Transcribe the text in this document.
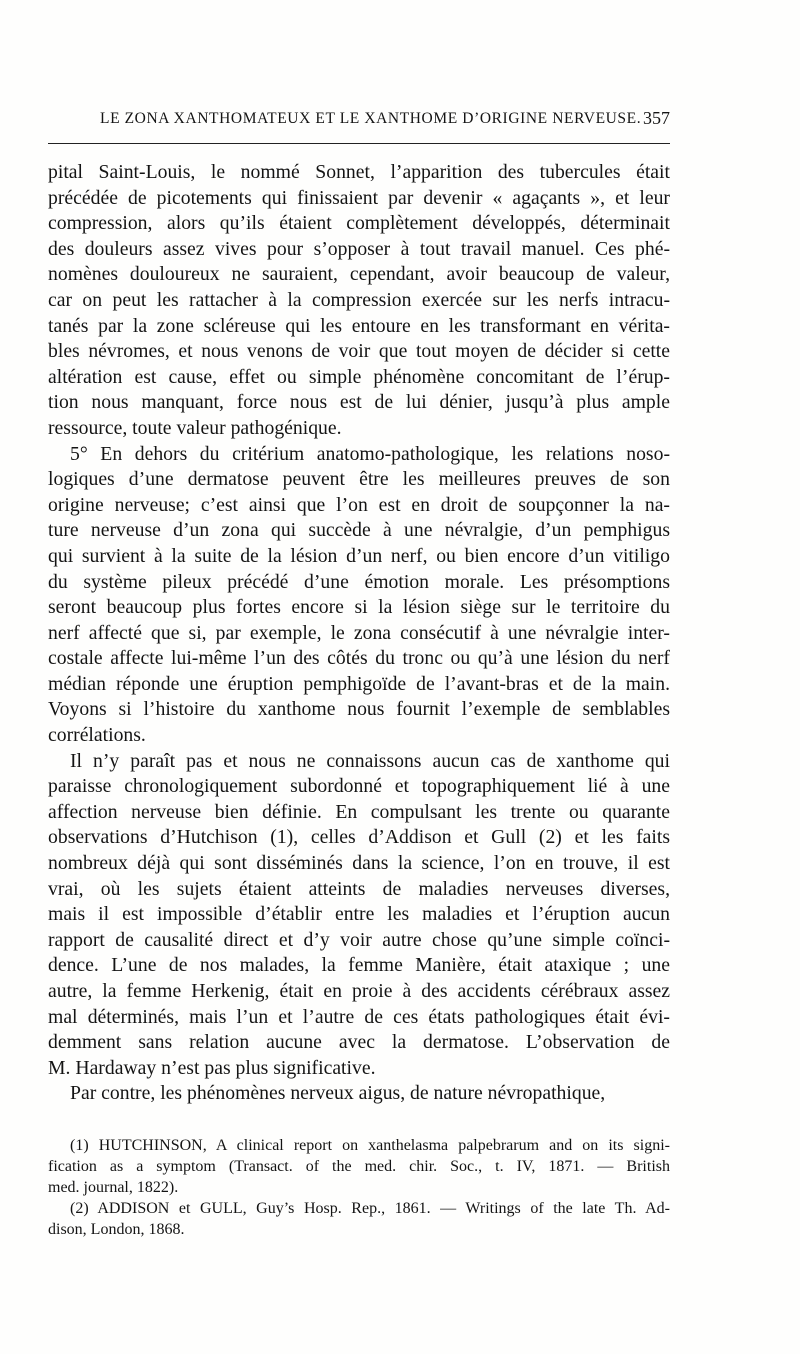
LE ZONA XANTHOMATEUX ET LE XANTHOME D’ORIGINE NERVEUSE. 357
pital Saint-Louis, le nommé Sonnet, l’apparition des tubercules était
précédée de picotements qui finissaient par devenir « agaçants », et leur
compression, alors qu’ils étaient complètement développés, déterminait
des douleurs assez vives pour s’opposer à tout travail manuel. Ces phé-
nomènes douloureux ne sauraient, cependant, avoir beaucoup de valeur,
car on peut les rattacher à la compression exercée sur les nerfs intracu-
tanés par la zone scléreuse qui les entoure en les transformant en vérita-
bles névromes, et nous venons de voir que tout moyen de décider si cette
altération est cause, effet ou simple phénomène concomitant de l’érup-
tion nous manquant, force nous est de lui dénier, jusqu’à plus ample
ressource, toute valeur pathogénique.
5° En dehors du critérium anatomo-pathologique, les relations noso-
logiques d’une dermatose peuvent être les meilleures preuves de son
origine nerveuse; c’est ainsi que l’on est en droit de soupçonner la na-
ture nerveuse d’un zona qui succède à une névralgie, d’un pemphigus
qui survient à la suite de la lésion d’un nerf, ou bien encore d’un vitiligo
du système pileux précédé d’une émotion morale. Les présomptions
seront beaucoup plus fortes encore si la lésion siège sur le territoire du
nerf affecté que si, par exemple, le zona consécutif à une névralgie inter-
costale affecte lui-même l’un des côtés du tronc ou qu’à une lésion du nerf
médian réponde une éruption pemphigoïde de l’avant-bras et de la main.
Voyons si l’histoire du xanthome nous fournit l’exemple de semblables
corrélations.
Il n’y paraît pas et nous ne connaissons aucun cas de xanthome qui
paraisse chronologiquement subordonné et topographiquement lié à une
affection nerveuse bien définie. En compulsant les trente ou quarante
observations d’Hutchison (1), celles d’Addison et Gull (2) et les faits
nombreux déjà qui sont disséminés dans la science, l’on en trouve, il est
vrai, où les sujets étaient atteints de maladies nerveuses diverses,
mais il est impossible d’établir entre les maladies et l’éruption aucun
rapport de causalité direct et d’y voir autre chose qu’une simple coïnci-
dence. L’une de nos malades, la femme Manière, était ataxique ; une
autre, la femme Herkenig, était en proie à des accidents cérébraux assez
mal déterminés, mais l’un et l’autre de ces états pathologiques était évi-
demment sans relation aucune avec la dermatose. L’observation de
M. Hardaway n’est pas plus significative.
Par contre, les phénomènes nerveux aigus, de nature névropathique,
(1) HUTCHINSON, A clinical report on xanthelasma palpebrarum and on its signi-
fication as a symptom (Transact. of the med. chir. Soc., t. IV, 1871. — British
med. journal, 1822).
(2) ADDISON et GULL, Guy’s Hosp. Rep., 1861. — Writings of the late Th. Ad-
dison, London, 1868.
